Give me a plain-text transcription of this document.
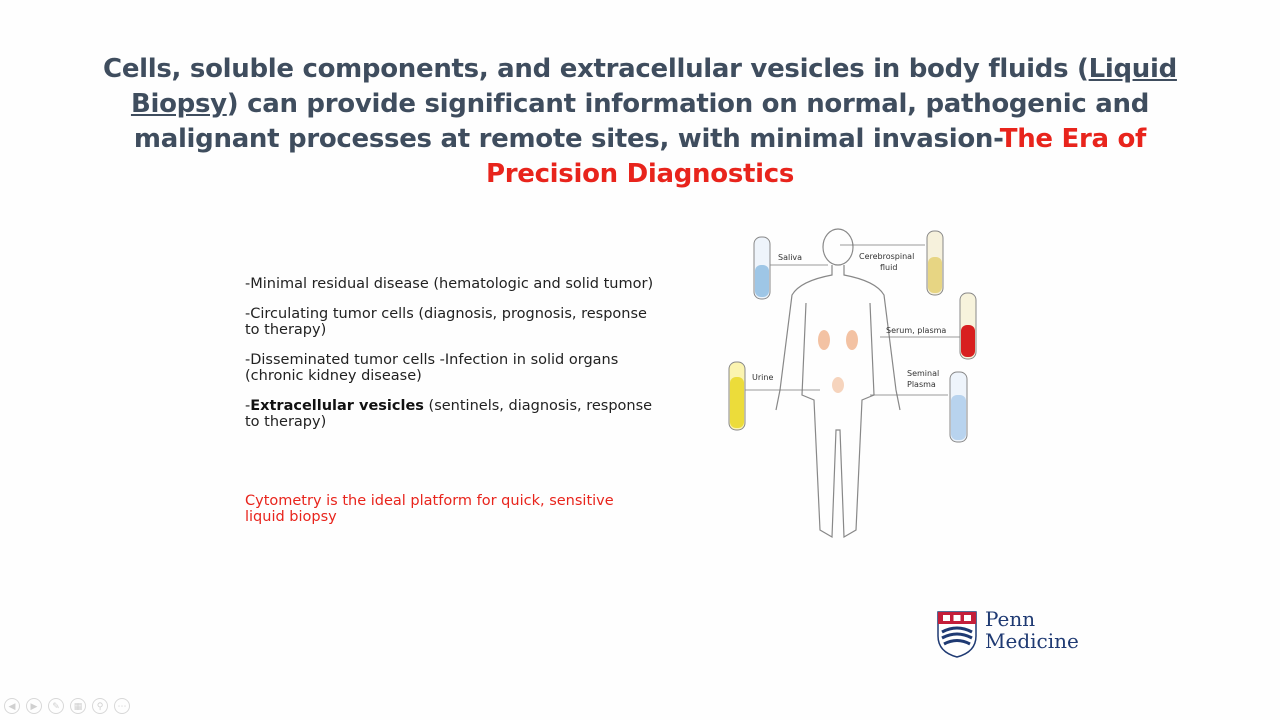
Cells, soluble components, and extracellular vesicles in body fluids (Liquid Biopsy) can provide significant information on normal, pathogenic and malignant processes at remote sites, with minimal invasion-The Era of Precision Diagnostics
-Minimal residual disease (hematologic and solid tumor)
-Circulating tumor cells (diagnosis, prognosis, response to therapy)
-Disseminated tumor cells -Infection in solid organs (chronic kidney disease)
-Extracellular vesicles (sentinels, diagnosis, response to therapy)
Cytometry is the ideal platform for quick, sensitive liquid biopsy
Saliva	Cerebrospinal
fluid
Serum, plasma
Urine	Seminal
Plasma
Penn
Medicine
◀	▶	✎	▦	⚲	⋯
